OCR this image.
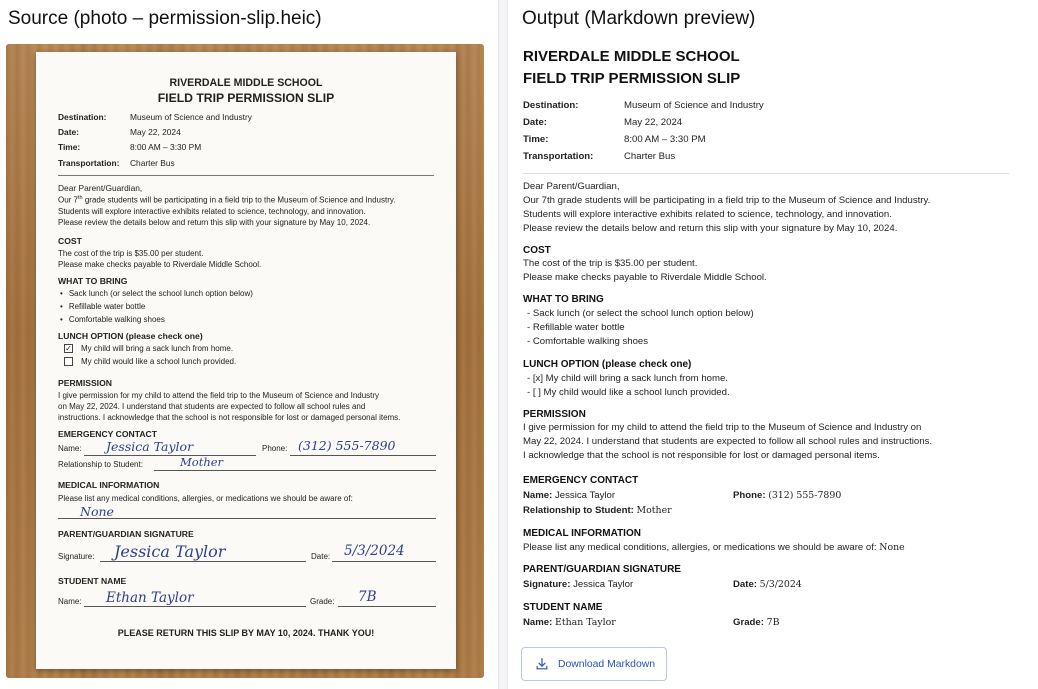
Source (photo – permission-slip.heic)	Output (Markdown preview)
RIVERDALE MIDDLE SCHOOL
FIELD TRIP PERMISSION SLIP
Destination:	Museum of Science and Industry
Date:	May 22, 2024
Time:	8:00 AM – 3:30 PM
Transportation: Charter Bus
Dear Parent/Guardian,
Our 7th grade students will be participating in a field trip to the Museum of Science and Industry.
Students will explore interactive exhibits related to science, technology, and innovation.
Please review the details below and return this slip with your signature by May 10, 2024.
COST
The cost of the trip is $35.00 per student.
Please make checks payable to Riverdale Middle School.
WHAT TO BRING
• Sack lunch (or select the school lunch option below)
• Refillable water bottle
• Comfortable walking shoes
LUNCH OPTION (please check one)
✓ My child will bring a sack lunch from home.
My child would like a school lunch provided.
PERMISSION
I give permission for my child to attend the field trip to the Museum of Science and Industry
on May 22, 2024. I understand that students are expected to follow all school rules and
instructions. I acknowledge that the school is not responsible for lost or damaged personal items.
EMERGENCY CONTACT
Name: Jessica Taylor	Phone: (312) 555-7890
Relationship to Student:	Mother
MEDICAL INFORMATION
Please list any medical conditions, allergies, or medications we should be aware of:
None
PARENT/GUARDIAN SIGNATURE
Signature: Jessica Taylor	Date: 5/3/2024
STUDENT NAME
Name: Ethan Taylor	Grade: 7B
PLEASE RETURN THIS SLIP BY MAY 10, 2024. THANK YOU!
RIVERDALE MIDDLE SCHOOL
FIELD TRIP PERMISSION SLIP
Destination:	Museum of Science and Industry
Date:	May 22, 2024
Time:	8:00 AM – 3:30 PM
Transportation:	Charter Bus
Dear Parent/Guardian,
Our 7th grade students will be participating in a field trip to the Museum of Science and Industry.
Students will explore interactive exhibits related to science, technology, and innovation.
Please review the details below and return this slip with your signature by May 10, 2024.
COST
The cost of the trip is $35.00 per student.
Please make checks payable to Riverdale Middle School.
WHAT TO BRING
- Sack lunch (or select the school lunch option below)
- Refillable water bottle
- Comfortable walking shoes
LUNCH OPTION (please check one)
- [x] My child will bring a sack lunch from home.
- [ ] My child would like a school lunch provided.
PERMISSION
I give permission for my child to attend the field trip to the Museum of Science and Industry on
May 22, 2024. I understand that students are expected to follow all school rules and instructions.
I acknowledge that the school is not responsible for lost or damaged personal items.
EMERGENCY CONTACT
Name: Jessica Taylor	Phone: (312) 555-7890
Relationship to Student: Mother
MEDICAL INFORMATION
Please list any medical conditions, allergies, or medications we should be aware of: None
PARENT/GUARDIAN SIGNATURE
Signature: Jessica Taylor	Date: 5/3/2024
STUDENT NAME
Name: Ethan Taylor	Grade: 7B
Download Markdown
